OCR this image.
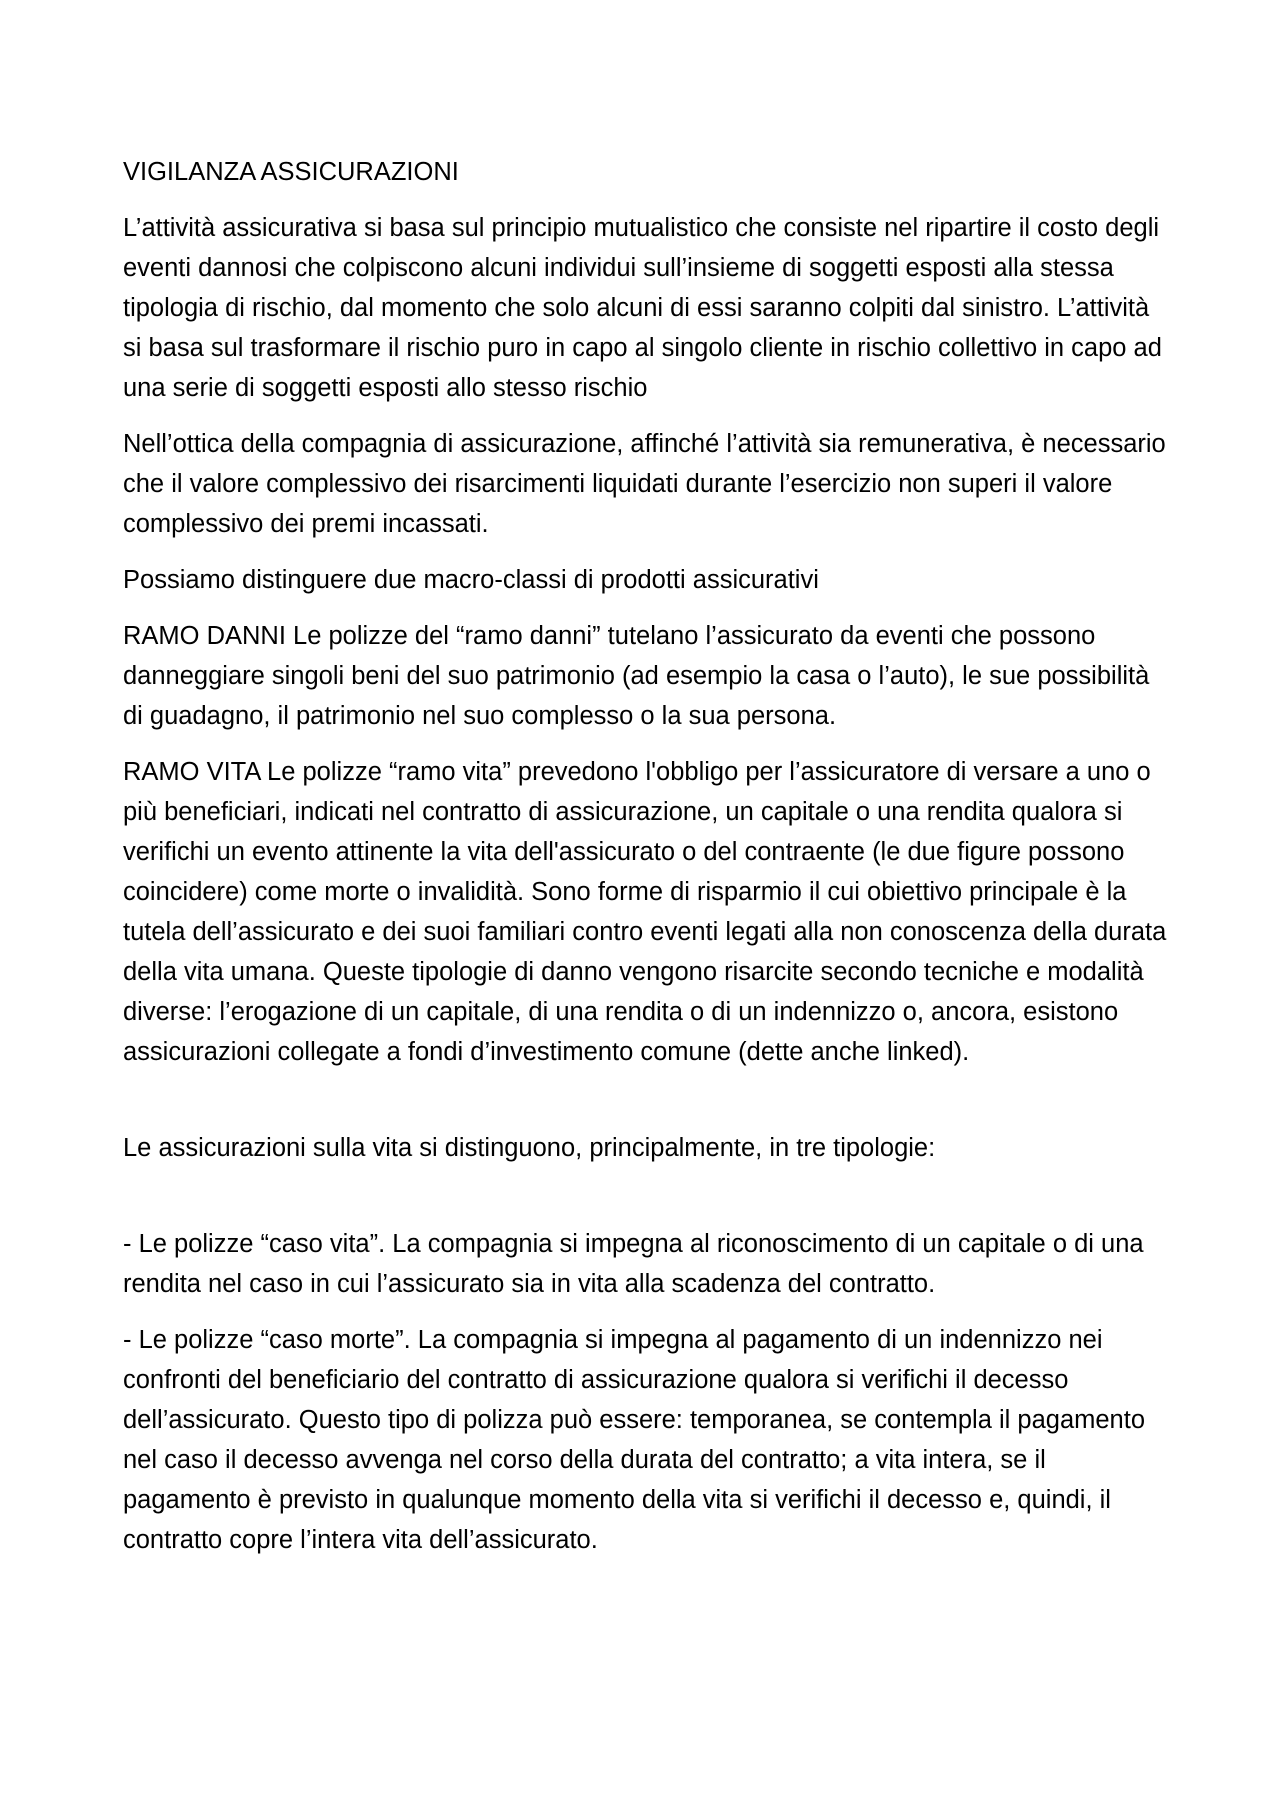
VIGILANZA ASSICURAZIONI

L’attività assicurativa si basa sul principio mutualistico che consiste nel ripartire il costo degli eventi dannosi che colpiscono alcuni individui sull’insieme di soggetti esposti alla stessa tipologia di rischio, dal momento che solo alcuni di essi saranno colpiti dal sinistro. L’attività si basa sul trasformare il rischio puro in capo al singolo cliente in rischio collettivo in capo ad una serie di soggetti esposti allo stesso rischio

Nell’ottica della compagnia di assicurazione, affinché l’attività sia remunerativa, è necessario che il valore complessivo dei risarcimenti liquidati durante l’esercizio non superi il valore complessivo dei premi incassati.

Possiamo distinguere due macro-classi di prodotti assicurativi

RAMO DANNI Le polizze del “ramo danni” tutelano l’assicurato da eventi che possono danneggiare singoli beni del suo patrimonio (ad esempio la casa o l’auto), le sue possibilità di guadagno, il patrimonio nel suo complesso o la sua persona.

RAMO VITA Le polizze “ramo vita” prevedono l'obbligo per l’assicuratore di versare a uno o più beneficiari, indicati nel contratto di assicurazione, un capitale o una rendita qualora si verifichi un evento attinente la vita dell'assicurato o del contraente (le due figure possono coincidere) come morte o invalidità. Sono forme di risparmio il cui obiettivo principale è la tutela dell’assicurato e dei suoi familiari contro eventi legati alla non conoscenza della durata della vita umana. Queste tipologie di danno vengono risarcite secondo tecniche e modalità diverse: l’erogazione di un capitale, di una rendita o di un indennizzo o, ancora, esistono assicurazioni collegate a fondi d’investimento comune (dette anche linked).

Le assicurazioni sulla vita si distinguono, principalmente, in tre tipologie:

- Le polizze “caso vita”. La compagnia si impegna al riconoscimento di un capitale o di una rendita nel caso in cui l’assicurato sia in vita alla scadenza del contratto.

- Le polizze “caso morte”. La compagnia si impegna al pagamento di un indennizzo nei confronti del beneficiario del contratto di assicurazione qualora si verifichi il decesso dell’assicurato. Questo tipo di polizza può essere: temporanea, se contempla il pagamento nel caso il decesso avvenga nel corso della durata del contratto; a vita intera, se il pagamento è previsto in qualunque momento della vita si verifichi il decesso e, quindi, il contratto copre l’intera vita dell’assicurato.
